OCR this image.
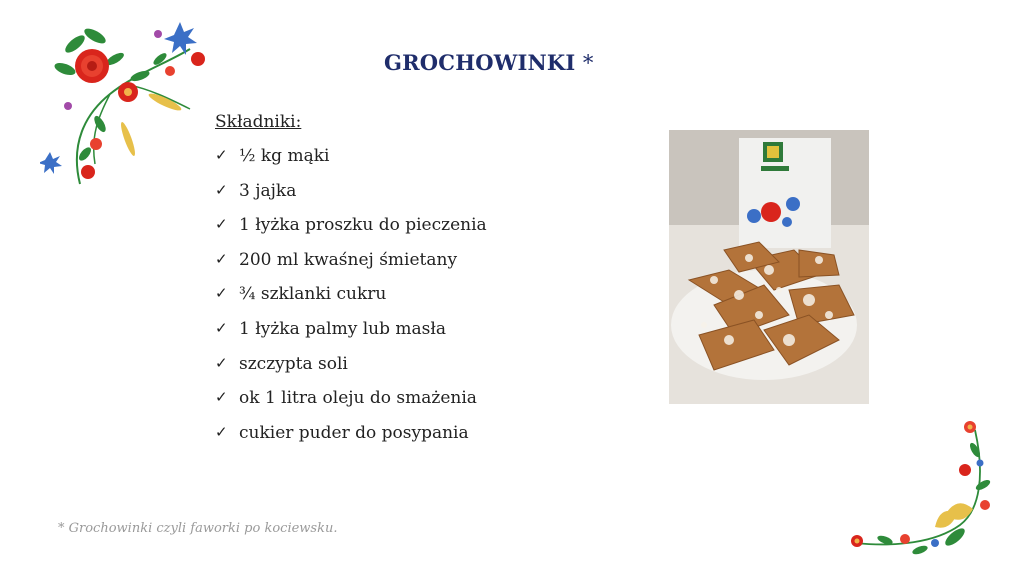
GROCHOWINKI *
Składniki:
✓ ½ kg mąki
✓ 3 jajka
✓ 1 łyżka proszku do pieczenia
✓ 200 ml kwaśnej śmietany
✓ ¾ szklanki cukru
✓ 1 łyżka palmy lub masła
✓ szczypta soli
✓ ok 1 litra oleju do smażenia
✓ cukier puder do posypania
* Grochowinki czyli faworki po kociewsku.
